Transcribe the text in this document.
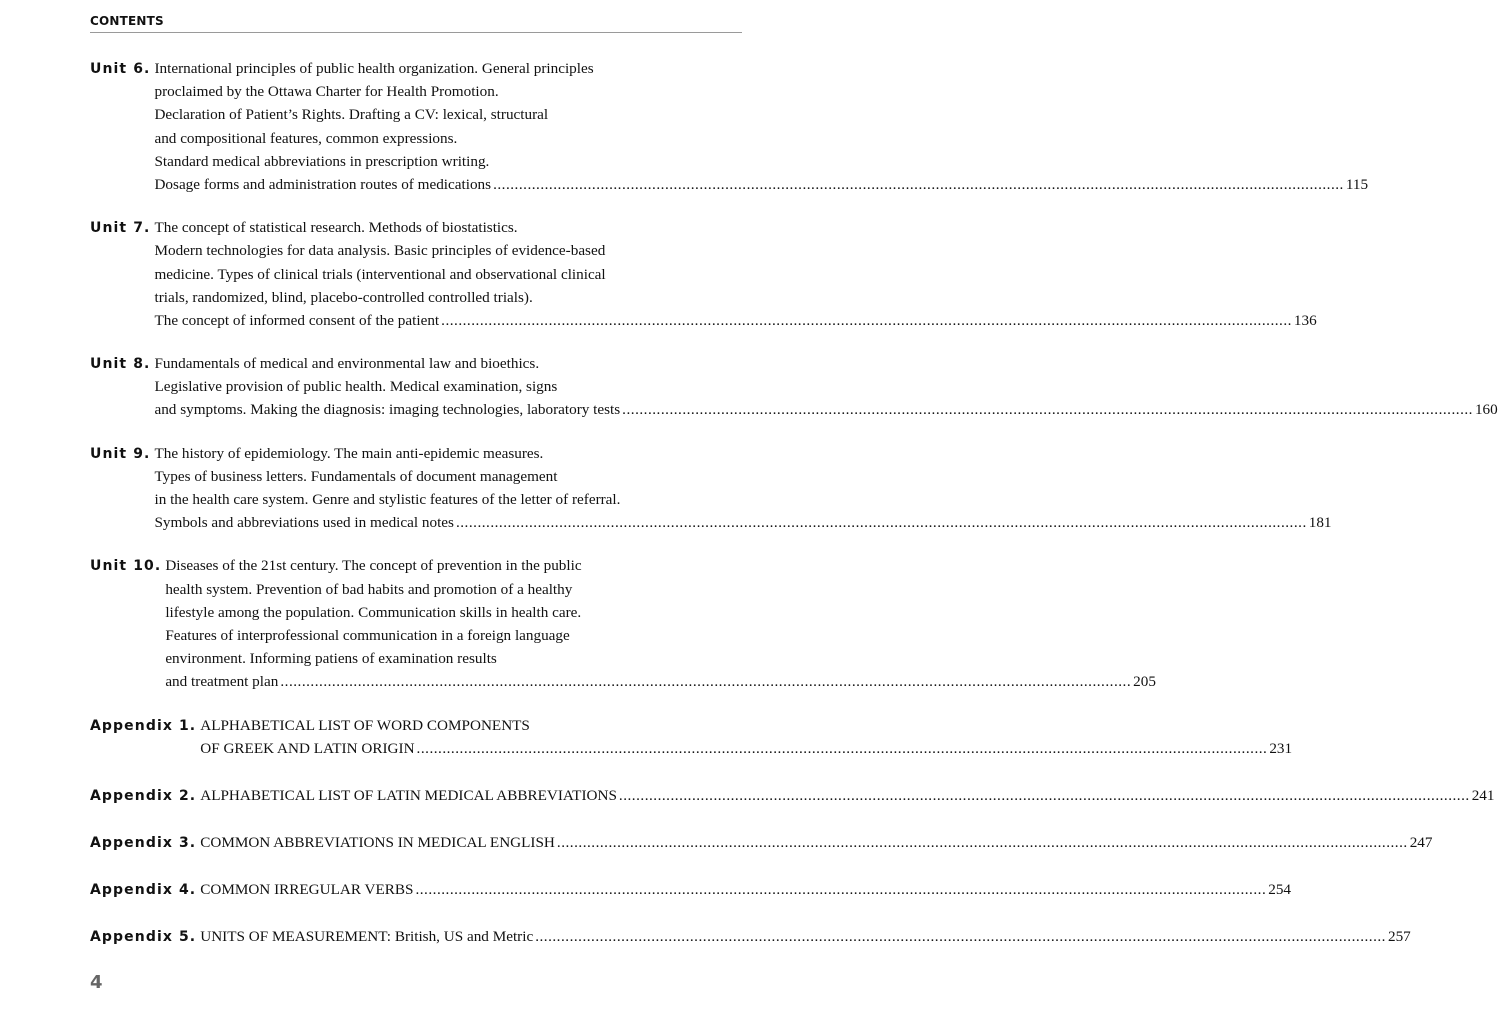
CONTENTS
Unit 6. International principles of public health organization. General principles
proclaimed by the Ottawa Charter for Health Promotion.
Declaration of Patient’s Rights. Drafting a CV: lexical, structural
and compositional features, common expressions.
Standard medical abbreviations in prescription writing.
Dosage forms and administration routes of medications .....	115
Unit 7. The concept of statistical research. Methods of biostatistics.
Modern technologies for data analysis. Basic principles of evidence-based
medicine. Types of clinical trials (interventional and observational clinical
trials, randomized, blind, placebo-controlled controlled trials).
The concept of informed consent of the patient .....	136
Unit 8. Fundamentals of medical and environmental law and bioethics.
Legislative provision of public health. Medical examination, signs
and symptoms. Making the diagnosis: imaging technologies, laboratory tests .....	160
Unit 9. The history of epidemiology. The main anti-epidemic measures.
Types of business letters. Fundamentals of document management
in the health care system. Genre and stylistic features of the letter of referral.
Symbols and abbreviations used in medical notes .....	181
Unit 10. Diseases of the 21st century. The concept of prevention in the public
health system. Prevention of bad habits and promotion of a healthy
lifestyle among the population. Communication skills in health care.
Features of interprofessional communication in a foreign language
environment. Informing patiens of examination results
and treatment plan .....	205
Appendix 1. ALPHABETICAL LIST OF WORD COMPONENTS
OF GREEK AND LATIN ORIGIN .....	231
Appendix 2. ALPHABETICAL LIST OF LATIN MEDICAL ABBREVIATIONS .....	241
Appendix 3. COMMON ABBREVIATIONS IN MEDICAL ENGLISH .....	247
Appendix 4. COMMON IRREGULAR VERBS .....	254
Appendix 5. UNITS OF MEASUREMENT: British, US and Metric .....	257
4
